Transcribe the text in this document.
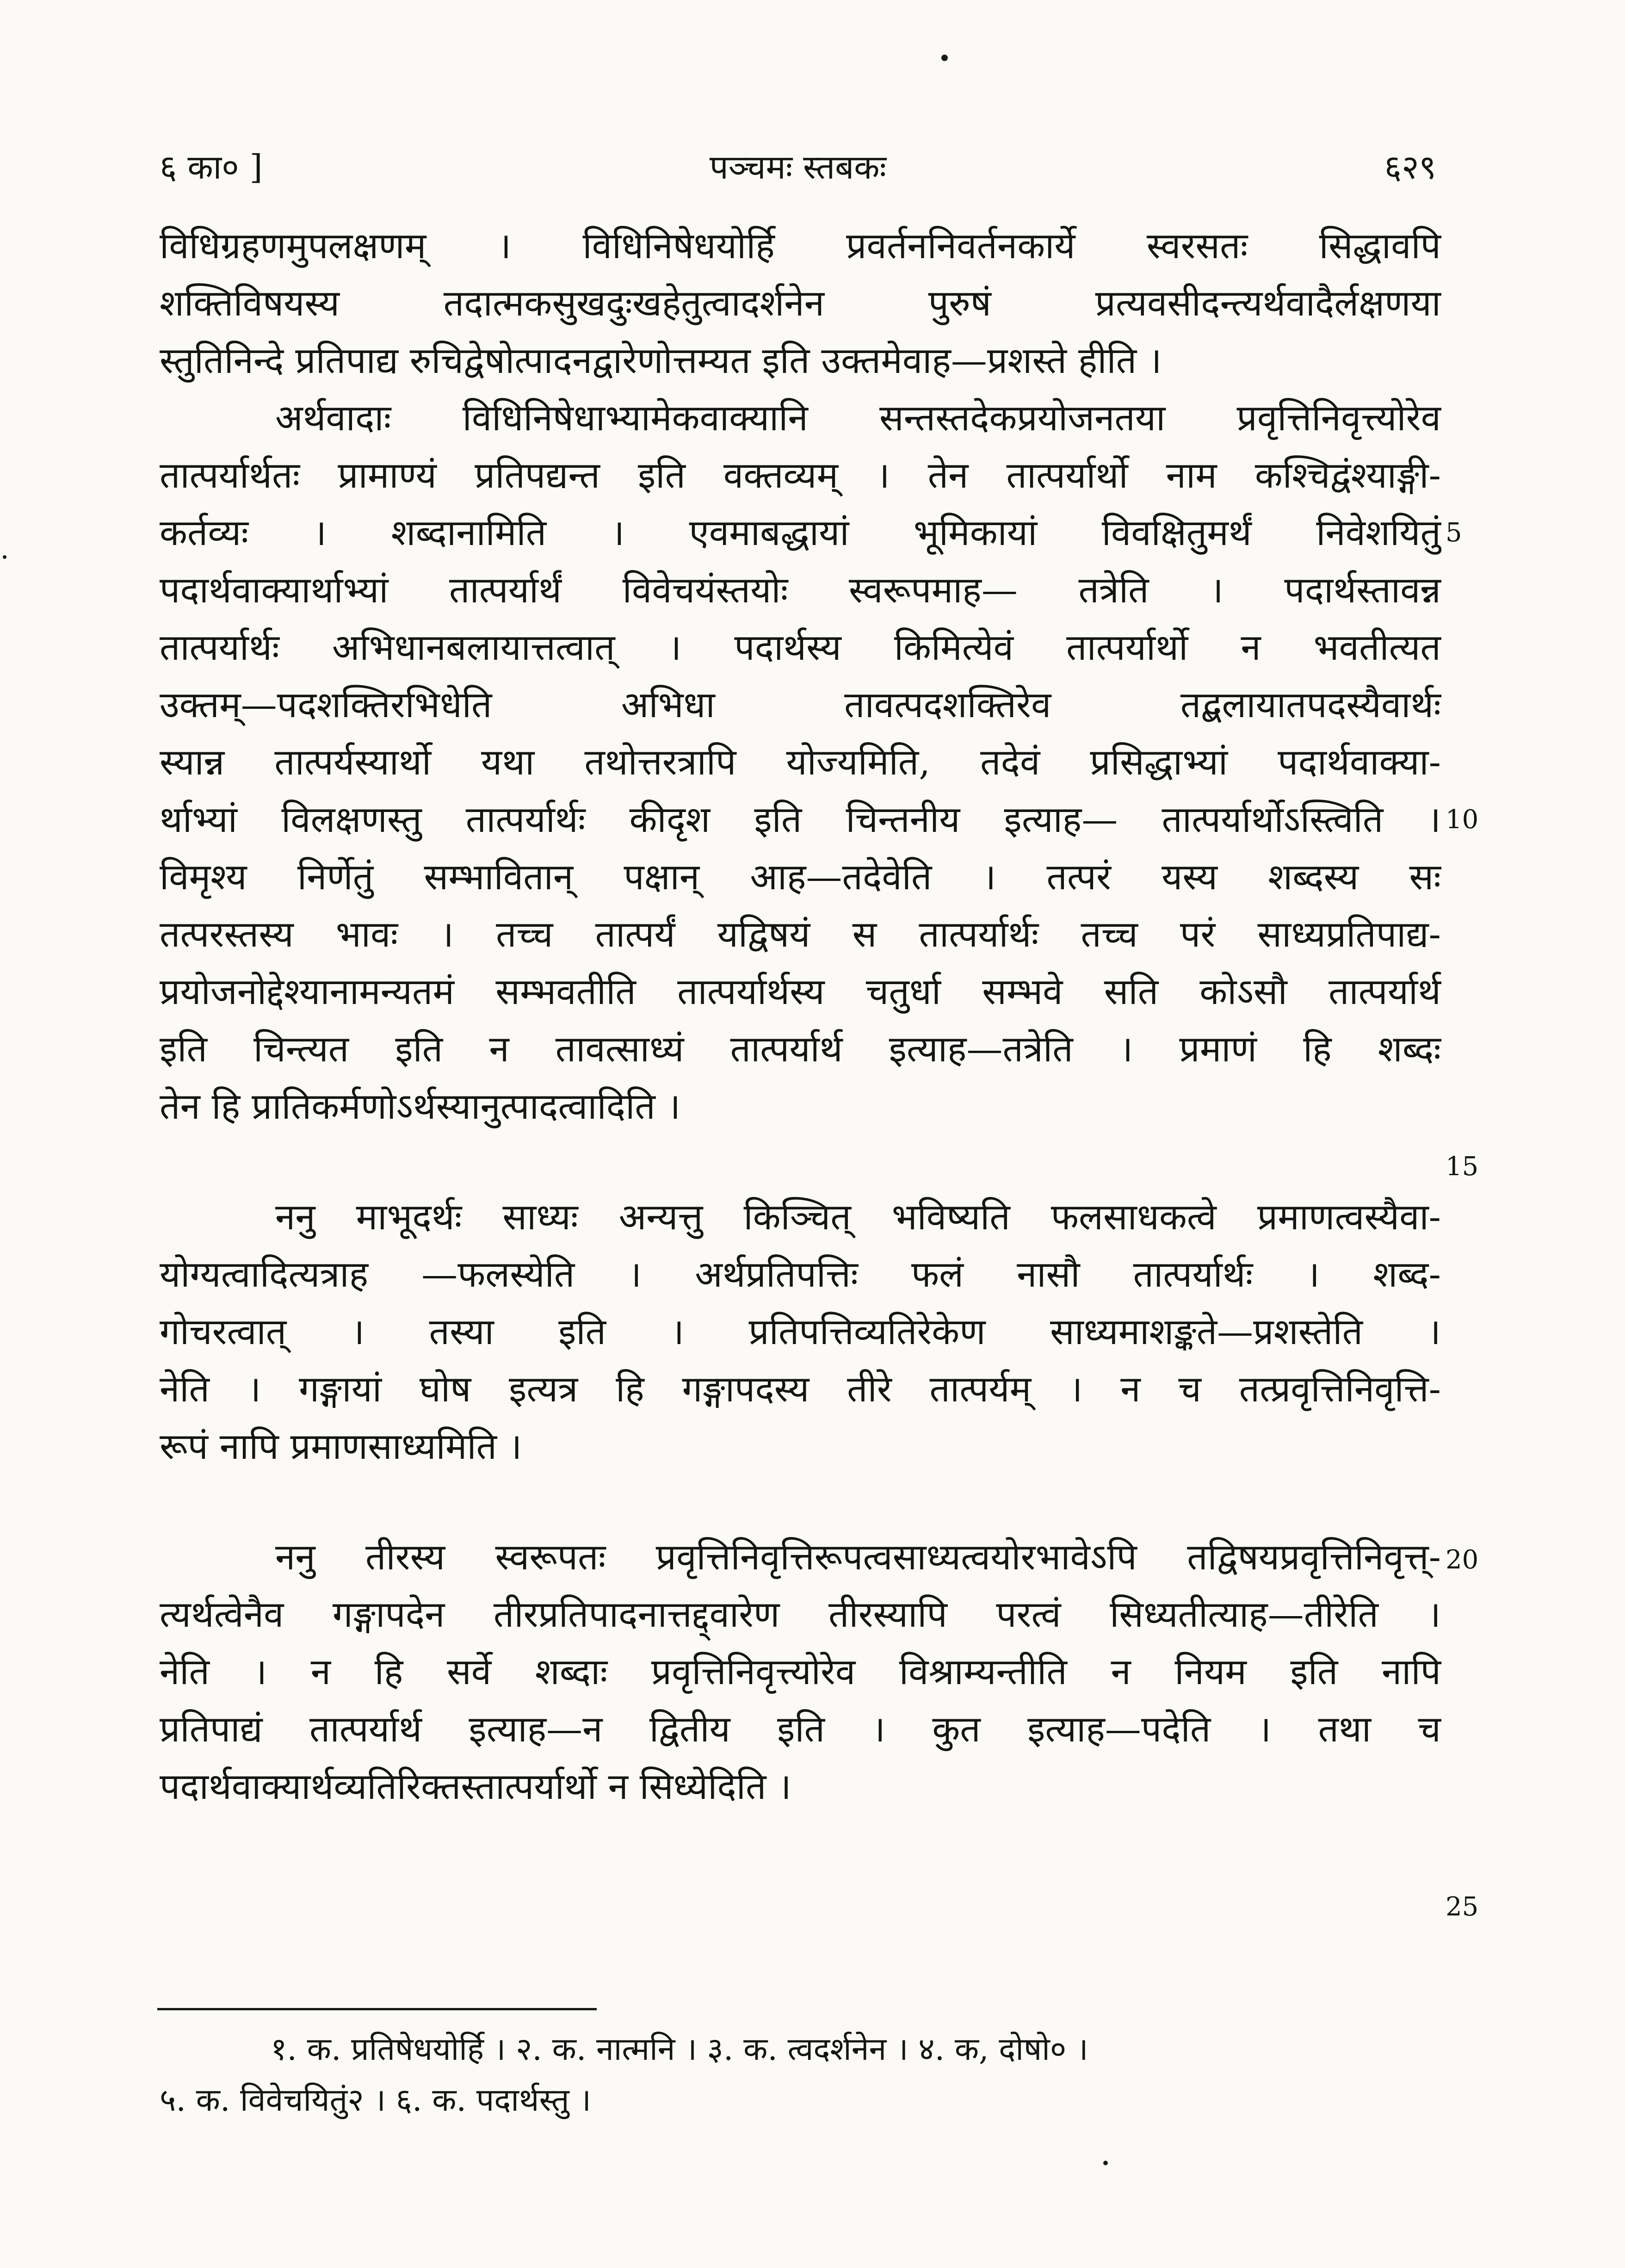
६ का० ]	पञ्चमः स्तबकः	६२९
विधिग्रहणमुपलक्षणम् । विधिनिषेधयोर्हि प्रवर्तननिवर्तनकार्ये स्वरसतः सिद्धावपि
शक्तिविषयस्य तदात्मकसुखदुःखहेतुत्वादर्शनेन पुरुषं प्रत्यवसीदन्त्यर्थवादैर्लक्षणया
स्तुतिनिन्दे प्रतिपाद्य रुचिद्वेषोत्पादनद्वारेणोत्तम्यत इति उक्तमेवाह—प्रशस्ते हीति ।
अर्थवादाः विधिनिषेधाभ्यामेकवाक्यानि सन्तस्तदेकप्रयोजनतया प्रवृत्तिनिवृत्त्योरेव
तात्पर्यार्थतः प्रामाण्यं प्रतिपद्यन्त इति वक्तव्यम् । तेन तात्पर्यार्थो नाम कश्चिद्वंश्याङ्गी-
कर्तव्यः । शब्दानामिति । एवमाबद्धायां भूमिकायां विवक्षितुमर्थं निवेशयितुं
पदार्थवाक्यार्थाभ्यां तात्पर्यार्थं विवेचयंस्तयोः स्वरूपमाह— तत्रेति । पदार्थस्तावन्न
तात्पर्यार्थः अभिधानबलायात्तत्वात् । पदार्थस्य किमित्येवं तात्पर्यार्थो न भवतीत्यत
उक्तम्—पदशक्तिरभिधेति अभिधा तावत्पदशक्तिरेव तद्बलायातपदस्यैवार्थः
स्यान्न तात्पर्यस्यार्थो यथा तथोत्तरत्रापि योज्यमिति, तदेवं प्रसिद्धाभ्यां पदार्थवाक्या-
र्थाभ्यां विलक्षणस्तु तात्पर्यार्थः कीदृश इति चिन्तनीय इत्याह— तात्पर्यार्थोऽस्त्विति ।
विमृश्य निर्णेतुं सम्भावितान् पक्षान् आह—तदेवेति । तत्परं यस्य शब्दस्य सः
तत्परस्तस्य भावः । तच्च तात्पर्यं यद्विषयं स तात्पर्यार्थः तच्च परं साध्यप्रतिपाद्य-
प्रयोजनोद्देश्यानामन्यतमं सम्भवतीति तात्पर्यार्थस्य चतुर्धा सम्भवे सति कोऽसौ तात्पर्यार्थ
इति चिन्त्यत इति न तावत्साध्यं तात्पर्यार्थ इत्याह—तत्रेति । प्रमाणं हि शब्दः
तेन हि प्रातिकर्मणोऽर्थस्यानुत्पादत्वादिति ।
ननु माभूदर्थः साध्यः अन्यत्तु किञ्चित् भविष्यति फलसाधकत्वे प्रमाणत्वस्यैवा-
योग्यत्वादित्यत्राह —फलस्येति । अर्थप्रतिपत्तिः फलं नासौ तात्पर्यार्थः । शब्द-
गोचरत्वात् । तस्या इति । प्रतिपत्तिव्यतिरेकेण साध्यमाशङ्कते—प्रशस्तेति ।
नेति । गङ्गायां घोष इत्यत्र हि गङ्गापदस्य तीरे तात्पर्यम् । न च तत्प्रवृत्तिनिवृत्ति-
रूपं नापि प्रमाणसाध्यमिति ।
ननु तीरस्य स्वरूपतः प्रवृत्तिनिवृत्तिरूपत्वसाध्यत्वयोरभावेऽपि तद्विषयप्रवृत्तिनिवृत्त्-
त्यर्थत्वेनैव गङ्गापदेन तीरप्रतिपादनात्तद्द्वारेण तीरस्यापि परत्वं सिध्यतीत्याह—तीरेति ।
नेति । न हि सर्वे शब्दाः प्रवृत्तिनिवृत्त्योरेव विश्राम्यन्तीति न नियम इति नापि
प्रतिपाद्यं तात्पर्यार्थ इत्याह—न द्वितीय इति । कुत इत्याह—पदेति । तथा च
पदार्थवाक्यार्थव्यतिरिक्तस्तात्पर्यार्थो न सिध्येदिति ।
5
10
15
20
25
१. क. प्रतिषेधयोर्हि । २. क. नात्मनि । ३. क. त्वदर्शनेन । ४. क, दोषो० ।
५. क. विवेचयितुं२ । ६. क. पदार्थस्तु ।
